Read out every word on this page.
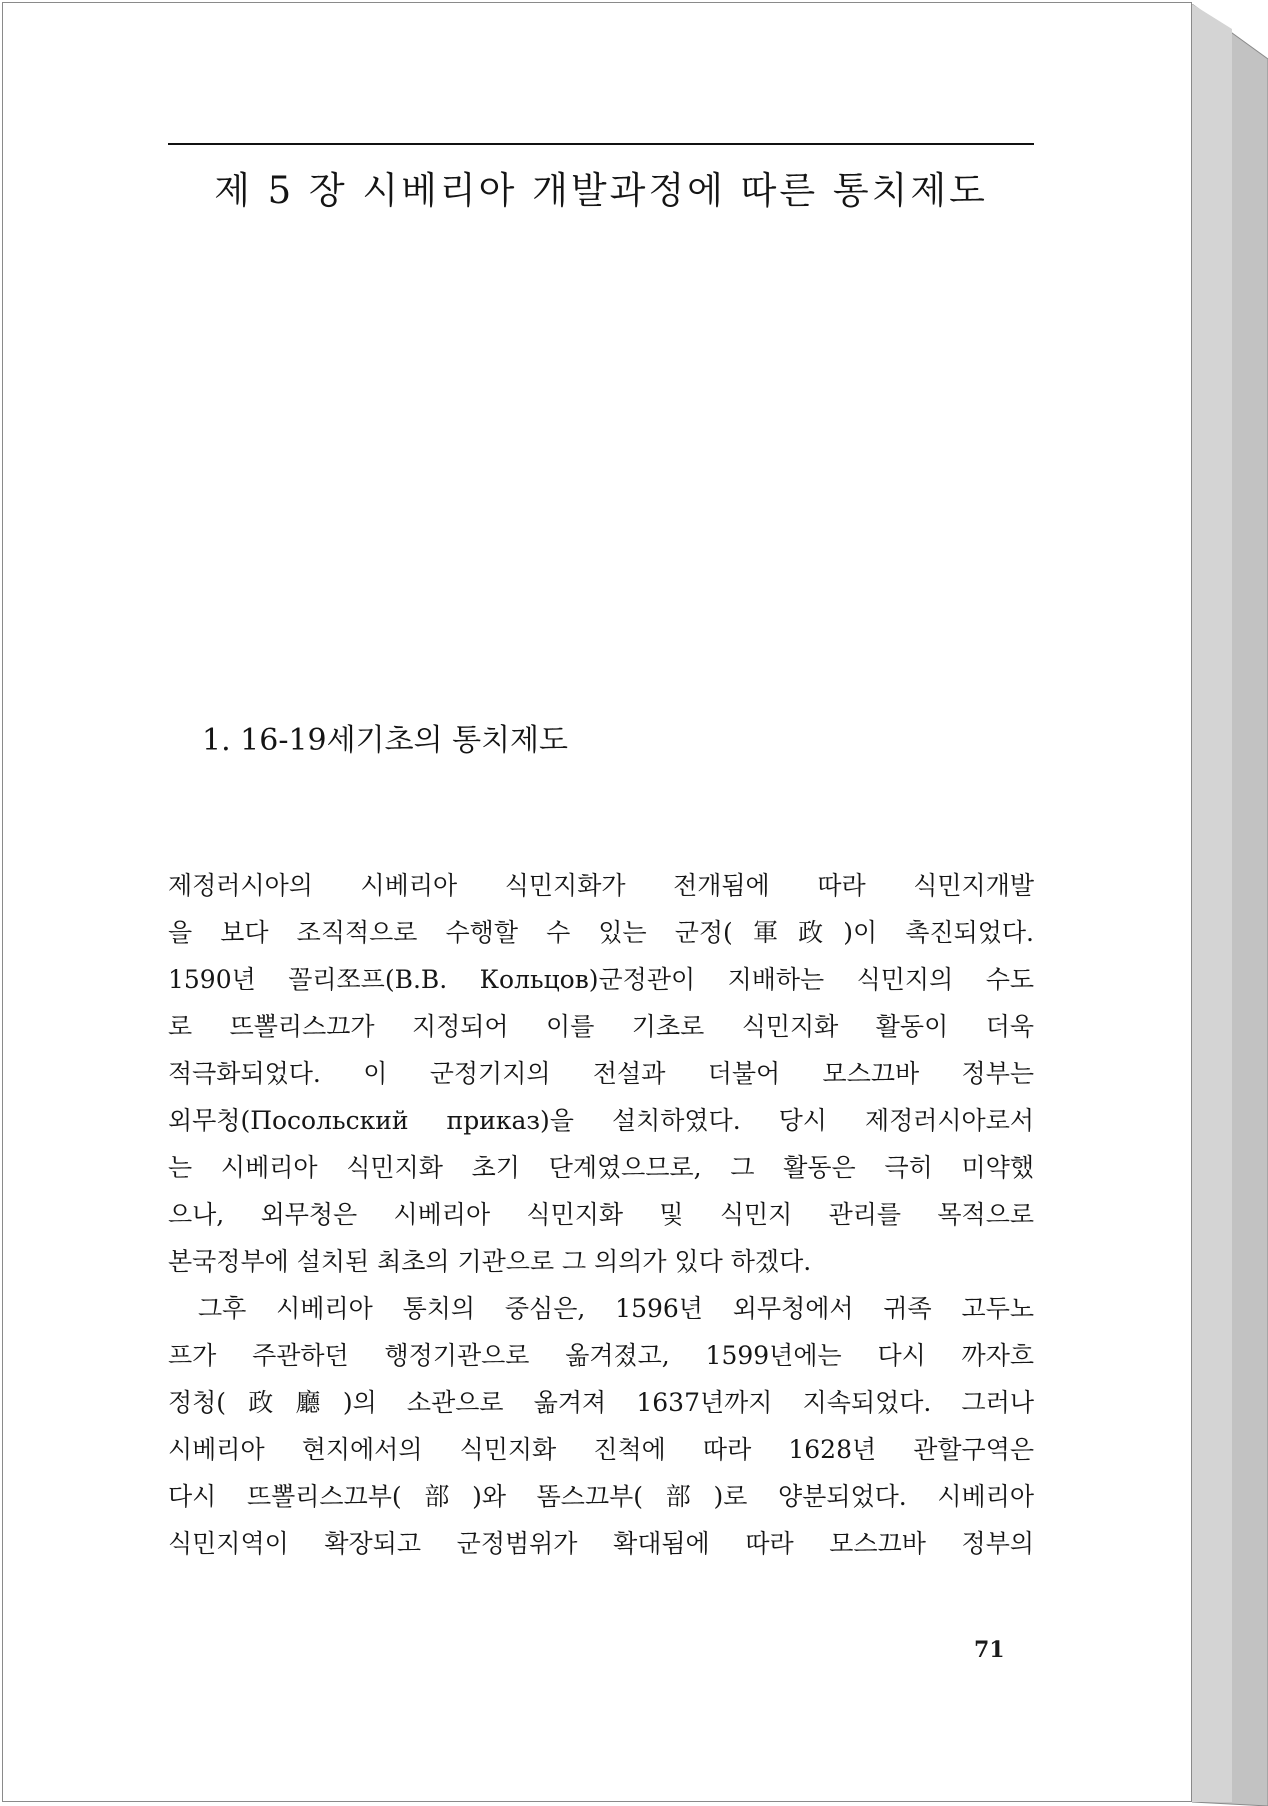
제 5 장 시베리아 개발과정에 따른 통치제도
1. 16-19세기초의 통치제도
제정러시아의 시베리아 식민지화가 전개됨에 따라 식민지개발
을 보다 조직적으로 수행할 수 있는 군정(軍政)이 촉진되었다.
1590년 꼴리쪼프(B.B. Кольцов)군정관이 지배하는 식민지의 수도
로 뜨뽈리스끄가 지정되어 이를 기초로 식민지화 활동이 더욱
적극화되었다. 이 군정기지의 전설과 더불어 모스끄바 정부는
외무청(Посольский приказ)을 설치하였다. 당시 제정러시아로서
는 시베리아 식민지화 초기 단계였으므로, 그 활동은 극히 미약했
으나, 외무청은 시베리아 식민지화 및 식민지 관리를 목적으로
본국정부에 설치된 최초의 기관으로 그 의의가 있다 하겠다.
그후 시베리아 통치의 중심은, 1596년 외무청에서 귀족 고두노
프가 주관하던 행정기관으로 옮겨졌고, 1599년에는 다시 까자흐
정청(政廳)의 소관으로 옮겨져 1637년까지 지속되었다. 그러나
시베리아 현지에서의 식민지화 진척에 따라 1628년 관할구역은
다시 뜨뽈리스끄부(部)와 똠스끄부(部)로 양분되었다. 시베리아
식민지역이 확장되고 군정범위가 확대됨에 따라 모스끄바 정부의
71
